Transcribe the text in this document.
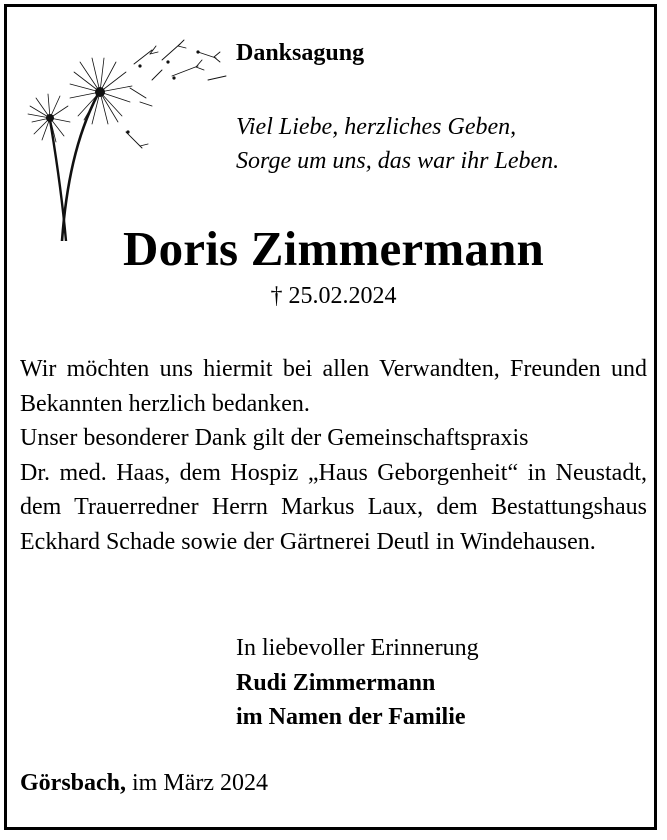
Danksagung
Viel Liebe, herzliches Geben,
Sorge um uns, das war ihr Leben.
Doris Zimmermann
† 25.02.2024

Wir möchten uns hiermit bei allen Verwandten, Freunden und Bekannten herzlich bedanken.

Unser besonderer Dank gilt der Gemeinschaftspraxis

Dr. med. Haas, dem Hospiz „Haus Geborgenheit“ in Neustadt, dem Trauerredner Herrn Markus Laux, dem Bestattungshaus Eckhard Schade sowie der Gärtnerei Deutl in Windehausen.

In liebevoller Erinnerung
Rudi Zimmermann
im Namen der Familie
Görsbach, im März 2024
